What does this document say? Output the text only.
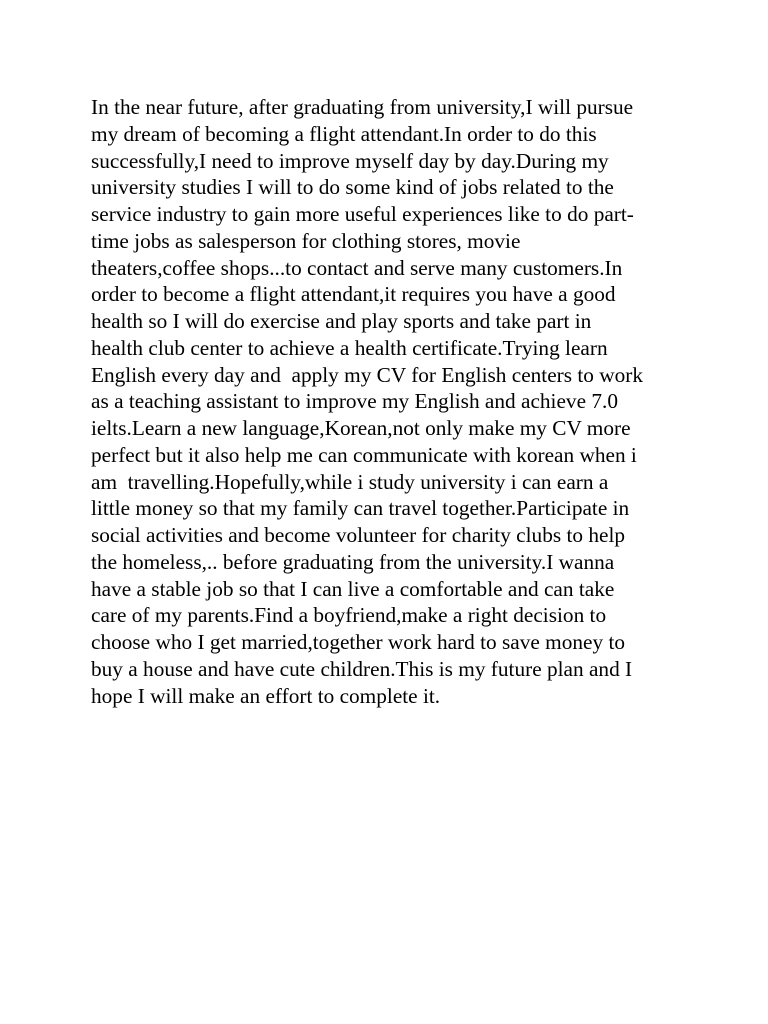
In the near future, after graduating from university,I will pursue
my dream of becoming a flight attendant.In order to do this
successfully,I need to improve myself day by day.During my
university studies I will to do some kind of jobs related to the
service industry to gain more useful experiences like to do part-
time jobs as salesperson for clothing stores, movie
theaters,coffee shops...to contact and serve many customers.In
order to become a flight attendant,it requires you have a good
health so I will do exercise and play sports and take part in
health club center to achieve a health certificate.Trying learn
English every day and  apply my CV for English centers to work
as a teaching assistant to improve my English and achieve 7.0
ielts.Learn a new language,Korean,not only make my CV more
perfect but it also help me can communicate with korean when i
am  travelling.Hopefully,while i study university i can earn a
little money so that my family can travel together.Participate in
social activities and become volunteer for charity clubs to help
the homeless,.. before graduating from the university.I wanna
have a stable job so that I can live a comfortable and can take
care of my parents.Find a boyfriend,make a right decision to
choose who I get married,together work hard to save money to
buy a house and have cute children.This is my future plan and I
hope I will make an effort to complete it.
